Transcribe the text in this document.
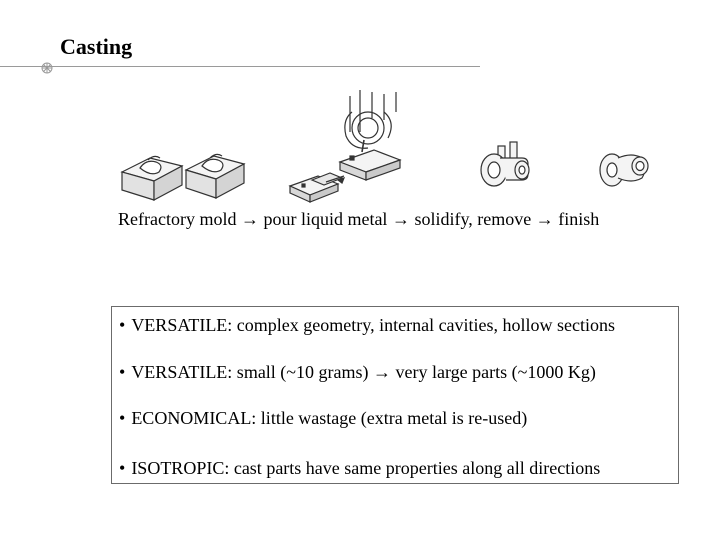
Casting
Refractory mold → pour liquid metal → solidify, remove → finish
• VERSATILE: complex geometry, internal cavities, hollow sections
• VERSATILE: small (~10 grams) → very large parts (~1000 Kg)
• ECONOMICAL: little wastage (extra metal is re-used)
• ISOTROPIC: cast parts have same properties along all directions
